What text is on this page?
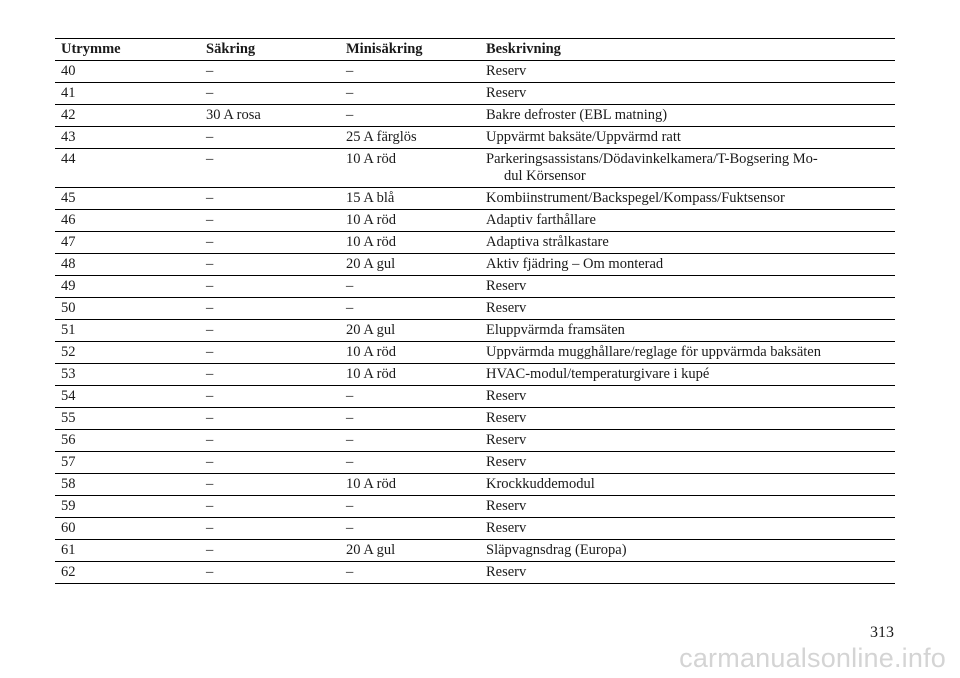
Utrymme	Säkring	Minisäkring	Beskrivning
40	–	–	Reserv
41	–	–	Reserv
42	30 A rosa	–	Bakre defroster (EBL matning)
43	–	25 A färglös	Uppvärmt baksäte/Uppvärmd ratt
44	–	10 A röd	Parkeringsassistans/Dödavinkelkamera/T-Bogsering Mo-
dul Körsensor

45	–	15 A blå	Kombiinstrument/Backspegel/Kompass/Fuktsensor
46	–	10 A röd	Adaptiv farthållare
47	–	10 A röd	Adaptiva strålkastare
48	–	20 A gul	Aktiv fjädring – Om monterad
49	–	–	Reserv
50	–	–	Reserv
51	–	20 A gul	Eluppvärmda framsäten
52	–	10 A röd	Uppvärmda mugghållare/reglage för uppvärmda baksäten
53	–	10 A röd	HVAC-modul/temperaturgivare i kupé
54	–	–	Reserv
55	–	–	Reserv
56	–	–	Reserv
57	–	–	Reserv
58	–	10 A röd	Krockkuddemodul
59	–	–	Reserv
60	–	–	Reserv
61	–	20 A gul	Släpvagnsdrag (Europa)
62	–	–	Reserv
313
carmanualsonline.info
